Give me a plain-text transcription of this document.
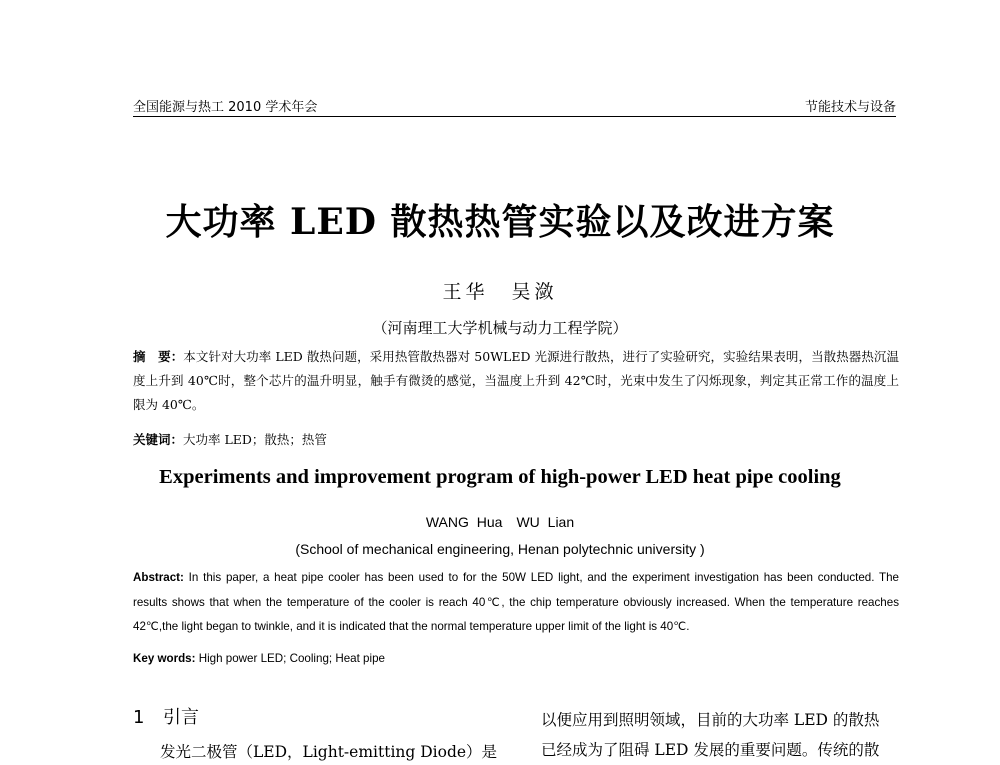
全国能源与热工 2010 学术年会	节能技术与设备
大功率 LED 散热热管实验以及改进方案
王华　吴潋
（河南理工大学机械与动力工程学院）
摘　要：本文针对大功率 LED 散热问题，采用热管散热器对 50WLED 光源进行散热，进行了实验研究，实验结果表明，当散热器热沉温度上升到 40℃时，整个芯片的温升明显，触手有微烫的感觉，当温度上升到 42℃时，光束中发生了闪烁现象，判定其正常工作的温度上限为 40℃。
关键词：大功率 LED；散热；热管
Experiments and improvement program of high-power LED heat pipe cooling
WANG Hua　WU Lian
(School of mechanical engineering, Henan polytechnic university )
Abstract: In this paper, a heat pipe cooler has been used to for the 50W LED light, and the experiment investigation has been conducted. The results shows that when the temperature of the cooler is reach 40℃, the chip temperature obviously increased. When the temperature reaches 42℃,the light began to twinkle, and it is indicated that the normal temperature upper limit of the light is 40℃.
Key words: High power LED; Cooling; Heat pipe
1 引言
发光二极管（LED，Light-emitting Diode）是
以便应用到照明领域，目前的大功率 LED 的散热
已经成为了阻碍 LED 发展的重要问题。传统的散
